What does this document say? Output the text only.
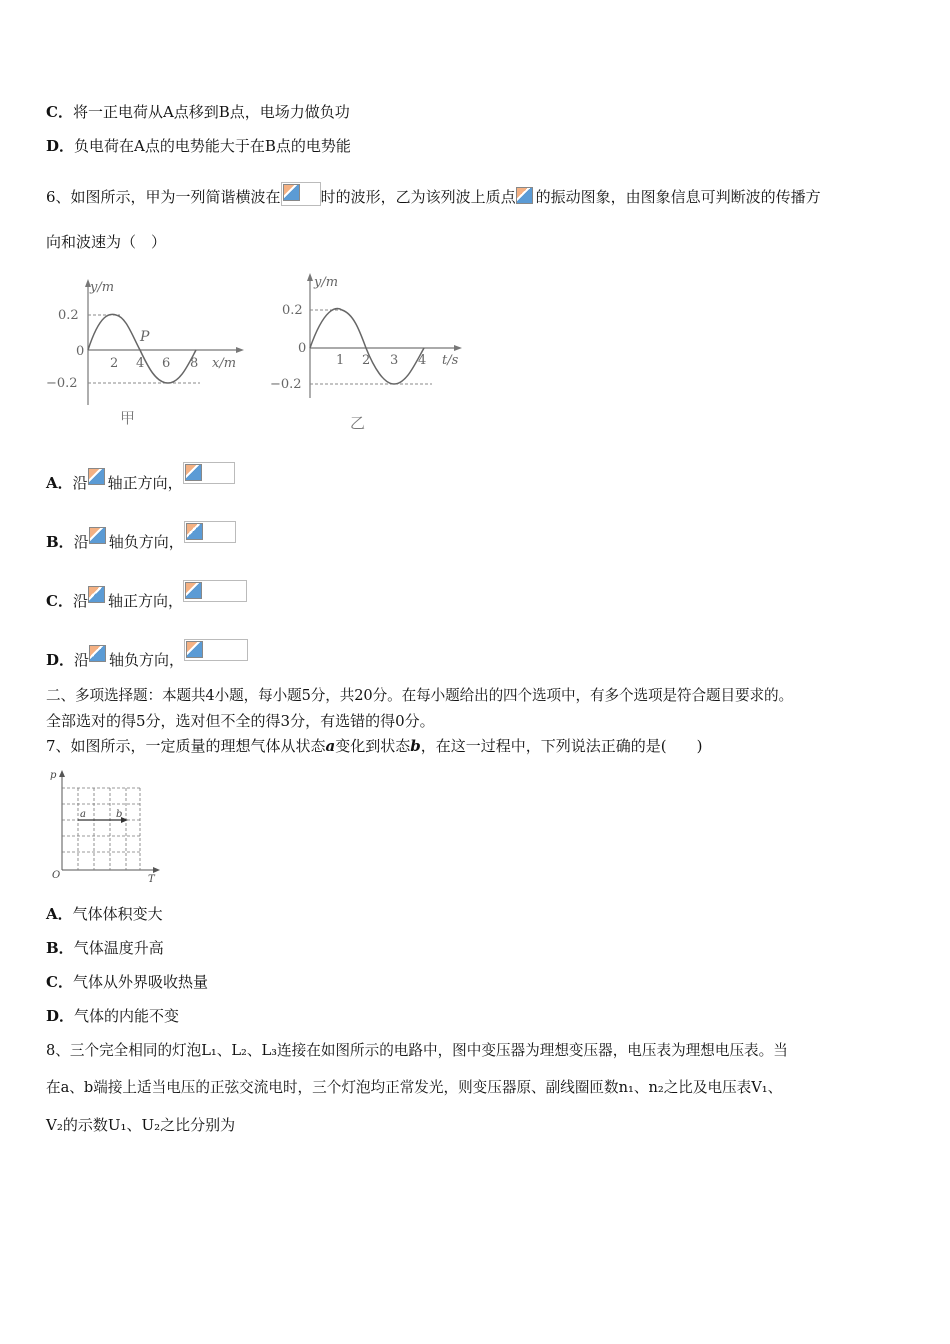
C．将一正电荷从A点移到B点，电场力做负功
D．负电荷在A点的电势能大于在B点的电势能
6、如图所示，甲为一列简谐横波在	时的波形，乙为该列波上质点 的振动图象，由图象信息可判断波的传播方
向和波速为（　）
y/m
0.2
0
−0.2
2 4 6 8 x/m
P
甲
y/m
0.2
0
−0.2
1 2 3 4 t/s
乙
A．沿 轴正方向，
B．沿 轴负方向，
C．沿 轴正方向，
D．沿 轴负方向，
二、多项选择题：本题共4小题，每小题5分，共20分。在每小题给出的四个选项中，有多个选项是符合题目要求的。
全部选对的得5分，选对但不全的得3分，有选错的得0分。
7、如图所示，一定质量的理想气体从状态a变化到状态b，在这一过程中，下列说法正确的是(　　)
p
T
O
a	b
A．气体体积变大
B．气体温度升高
C．气体从外界吸收热量
D．气体的内能不变
8、三个完全相同的灯泡L₁、L₂、L₃连接在如图所示的电路中，图中变压器为理想变压器，电压表为理想电压表。当
在a、b端接上适当电压的正弦交流电时，三个灯泡均正常发光，则变压器原、副线圈匝数n₁、n₂之比及电压表V₁、
V₂的示数U₁、U₂之比分别为
